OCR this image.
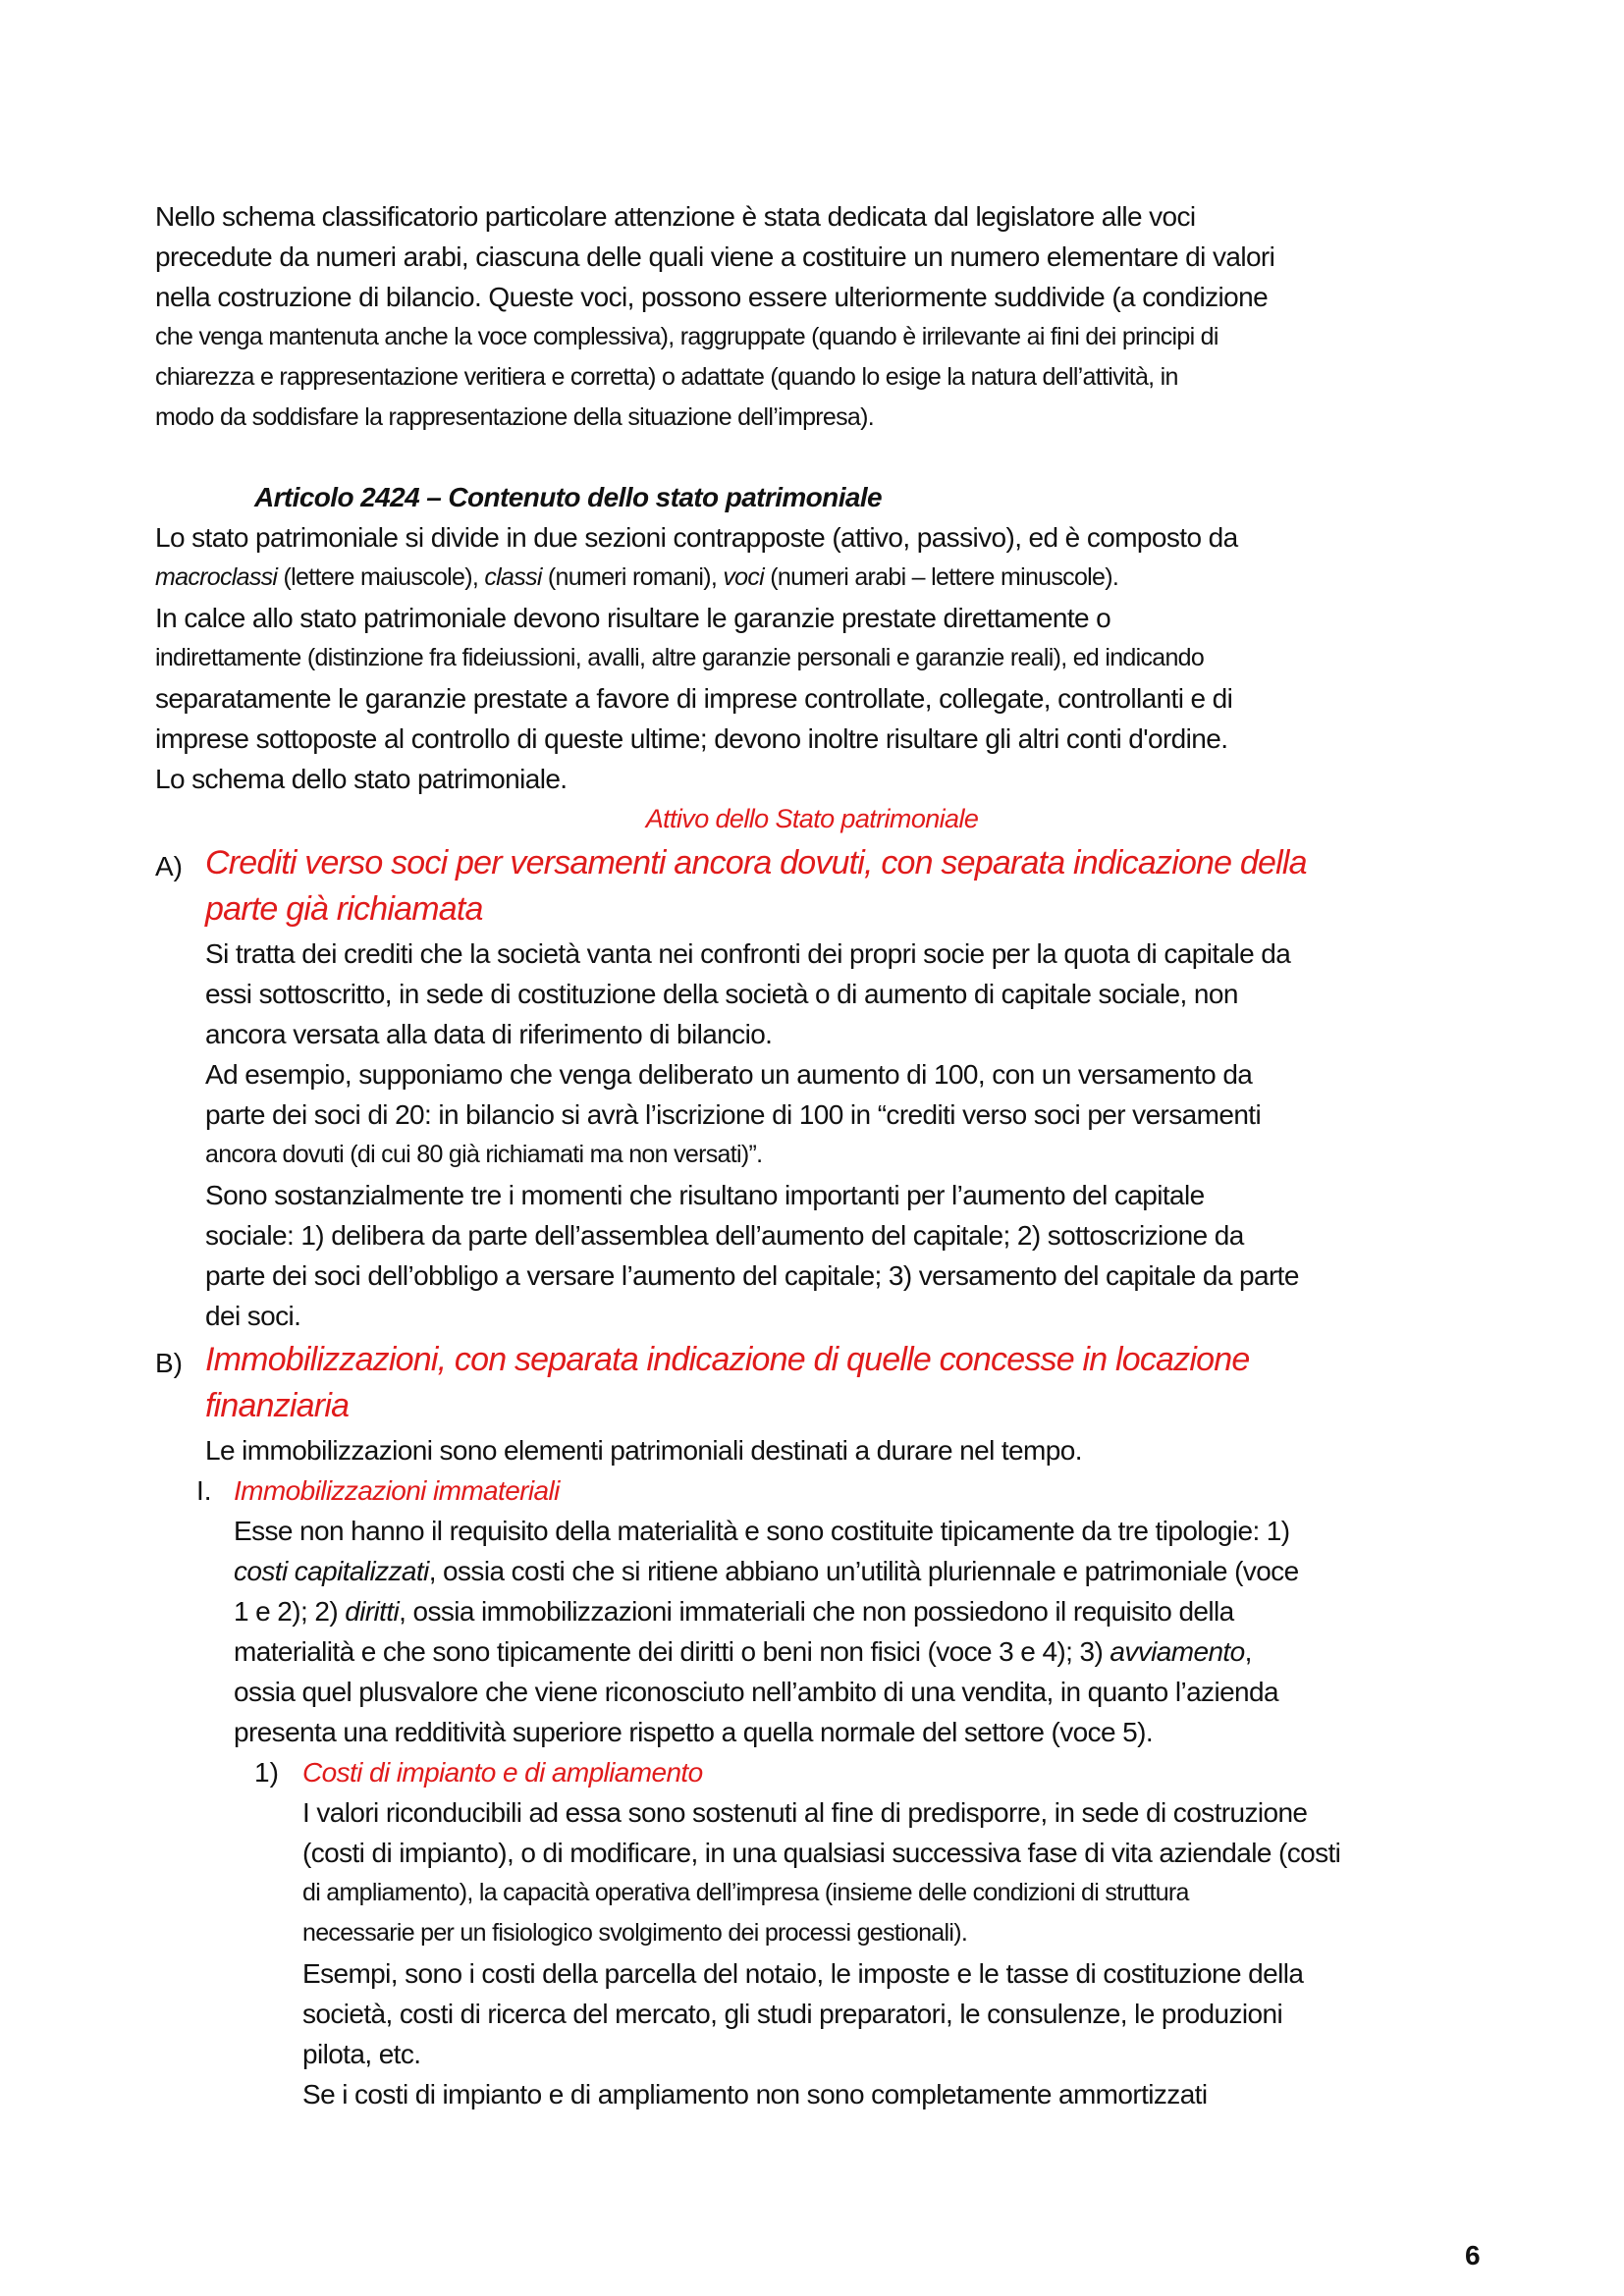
Nello schema classificatorio particolare attenzione è stata dedicata dal legislatore alle voci
precedute da numeri arabi, ciascuna delle quali viene a costituire un numero elementare di valori
nella costruzione di bilancio. Queste voci, possono essere ulteriormente suddivide (a condizione
che venga mantenuta anche la voce complessiva), raggruppate (quando è irrilevante ai fini dei principi di
chiarezza e rappresentazione veritiera e corretta) o adattate (quando lo esige la natura dell’attività, in
modo da soddisfare la rappresentazione della situazione dell’impresa).
Articolo 2424 – Contenuto dello stato patrimoniale
Lo stato patrimoniale si divide in due sezioni contrapposte (attivo, passivo), ed è composto da
macroclassi (lettere maiuscole), classi (numeri romani), voci (numeri arabi – lettere minuscole).
In calce allo stato patrimoniale devono risultare le garanzie prestate direttamente o
indirettamente (distinzione fra fideiussioni, avalli, altre garanzie personali e garanzie reali), ed indicando
separatamente le garanzie prestate a favore di imprese controllate, collegate, controllanti e di
imprese sottoposte al controllo di queste ultime; devono inoltre risultare gli altri conti d'ordine.
Lo schema dello stato patrimoniale.
Attivo dello Stato patrimoniale
A) Crediti verso soci per versamenti ancora dovuti, con separata indicazione della
parte già richiamata
Si tratta dei crediti che la società vanta nei confronti dei propri socie per la quota di capitale da
essi sottoscritto, in sede di costituzione della società o di aumento di capitale sociale, non
ancora versata alla data di riferimento di bilancio.
Ad esempio, supponiamo che venga deliberato un aumento di 100, con un versamento da
parte dei soci di 20: in bilancio si avrà l’iscrizione di 100 in “crediti verso soci per versamenti
ancora dovuti (di cui 80 già richiamati ma non versati)”.
Sono sostanzialmente tre i momenti che risultano importanti per l’aumento del capitale
sociale: 1) delibera da parte dell’assemblea dell’aumento del capitale; 2) sottoscrizione da
parte dei soci dell’obbligo a versare l’aumento del capitale; 3) versamento del capitale da parte
dei soci.
B) Immobilizzazioni, con separata indicazione di quelle concesse in locazione
finanziaria
Le immobilizzazioni sono elementi patrimoniali destinati a durare nel tempo.
I. Immobilizzazioni immateriali
Esse non hanno il requisito della materialità e sono costituite tipicamente da tre tipologie: 1)
costi capitalizzati, ossia costi che si ritiene abbiano un’utilità pluriennale e patrimoniale (voce
1 e 2); 2) diritti, ossia immobilizzazioni immateriali che non possiedono il requisito della
materialità e che sono tipicamente dei diritti o beni non fisici (voce 3 e 4); 3) avviamento,
ossia quel plusvalore che viene riconosciuto nell’ambito di una vendita, in quanto l’azienda
presenta una redditività superiore rispetto a quella normale del settore (voce 5).
1) Costi di impianto e di ampliamento
I valori riconducibili ad essa sono sostenuti al fine di predisporre, in sede di costruzione
(costi di impianto), o di modificare, in una qualsiasi successiva fase di vita aziendale (costi
di ampliamento), la capacità operativa dell’impresa (insieme delle condizioni di struttura
necessarie per un fisiologico svolgimento dei processi gestionali).
Esempi, sono i costi della parcella del notaio, le imposte e le tasse di costituzione della
società, costi di ricerca del mercato, gli studi preparatori, le consulenze, le produzioni
pilota, etc.
Se i costi di impianto e di ampliamento non sono completamente ammortizzati
6
